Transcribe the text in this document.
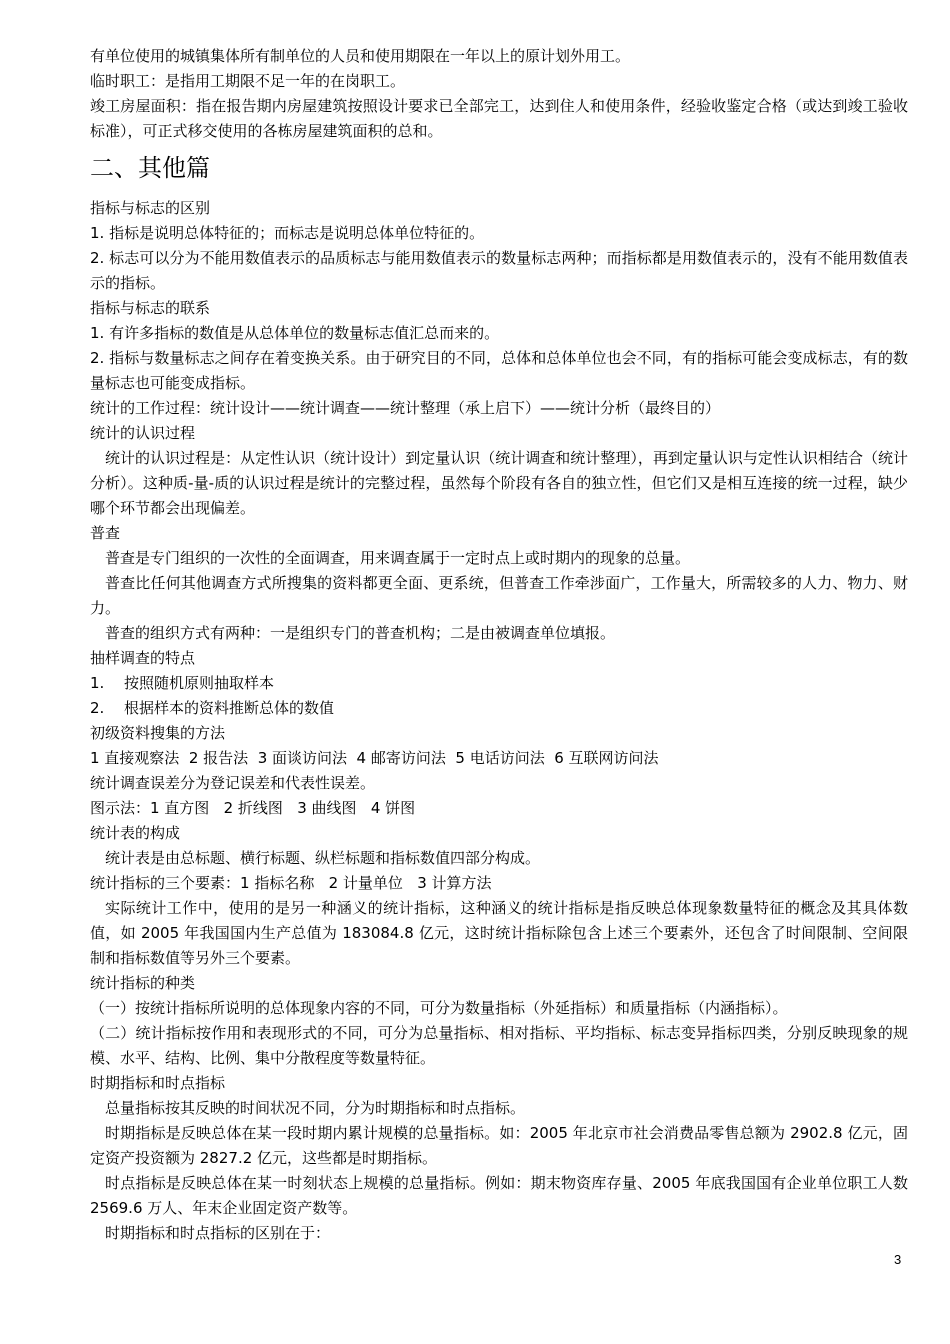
有单位使用的城镇集体所有制单位的人员和使用期限在一年以上的原计划外用工。

临时职工：是指用工期限不足一年的在岗职工。

竣工房屋面积：指在报告期内房屋建筑按照设计要求已全部完工，达到住人和使用条件，经验收鉴定合格（或达到竣工验收标准），可正式移交使用的各栋房屋建筑面积的总和。

二、其他篇

指标与标志的区别

1. 指标是说明总体特征的；而标志是说明总体单位特征的。

2. 标志可以分为不能用数值表示的品质标志与能用数值表示的数量标志两种；而指标都是用数值表示的，没有不能用数值表示的指标。

指标与标志的联系

1. 有许多指标的数值是从总体单位的数量标志值汇总而来的。

2. 指标与数量标志之间存在着变换关系。由于研究目的不同，总体和总体单位也会不同，有的指标可能会变成标志，有的数量标志也可能变成指标。

统计的工作过程：统计设计——统计调查——统计整理（承上启下）——统计分析（最终目的）

统计的认识过程

统计的认识过程是：从定性认识（统计设计）到定量认识（统计调查和统计整理），再到定量认识与定性认识相结合（统计分析）。这种质-量-质的认识过程是统计的完整过程，虽然每个阶段有各自的独立性，但它们又是相互连接的统一过程，缺少哪个环节都会出现偏差。

普查

普查是专门组织的一次性的全面调查，用来调查属于一定时点上或时期内的现象的总量。

普查比任何其他调查方式所搜集的资料都更全面、更系统，但普查工作牵涉面广，工作量大，所需较多的人力、物力、财力。

普查的组织方式有两种：一是组织专门的普查机构；二是由被调查单位填报。

抽样调查的特点

1. 按照随机原则抽取样本

2. 根据样本的资料推断总体的数值

初级资料搜集的方法

1 直接观察法  2 报告法  3 面谈访问法  4 邮寄访问法  5 电话访问法  6 互联网访问法

统计调查误差分为登记误差和代表性误差。

图示法：1 直方图   2 折线图   3 曲线图   4 饼图

统计表的构成

统计表是由总标题、横行标题、纵栏标题和指标数值四部分构成。

统计指标的三个要素：1 指标名称   2 计量单位   3 计算方法

实际统计工作中，使用的是另一种涵义的统计指标，这种涵义的统计指标是指反映总体现象数量特征的概念及其具体数值，如 2005 年我国国内生产总值为 183084.8 亿元，这时统计指标除包含上述三个要素外，还包含了时间限制、空间限制和指标数值等另外三个要素。

统计指标的种类

（一）按统计指标所说明的总体现象内容的不同，可分为数量指标（外延指标）和质量指标（内涵指标）。

（二）统计指标按作用和表现形式的不同，可分为总量指标、相对指标、平均指标、标志变异指标四类，分别反映现象的规模、水平、结构、比例、集中分散程度等数量特征。

时期指标和时点指标

总量指标按其反映的时间状况不同，分为时期指标和时点指标。

时期指标是反映总体在某一段时期内累计规模的总量指标。如：2005 年北京市社会消费品零售总额为 2902.8 亿元，固定资产投资额为 2827.2 亿元，这些都是时期指标。

时点指标是反映总体在某一时刻状态上规模的总量指标。例如：期末物资库存量、2005 年底我国国有企业单位职工人数 2569.6 万人、年末企业固定资产数等。

时期指标和时点指标的区别在于：

3
